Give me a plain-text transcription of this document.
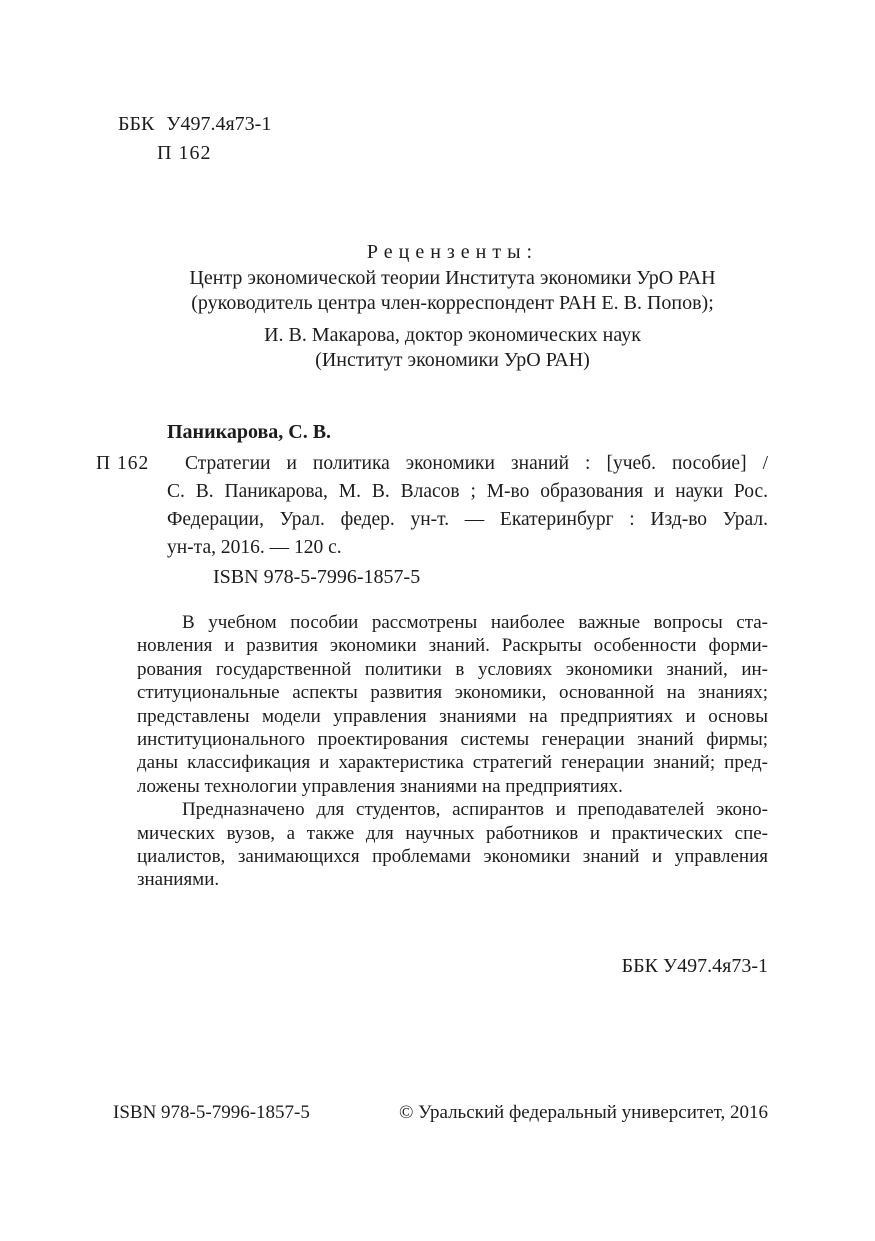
ББК У497.4я73-1
П 162
Рецензенты:
Центр экономической теории Института экономики УрО РАН
(руководитель центра член-корреспондент РАН Е. В. Попов);
И. В. Макарова, доктор экономических наук
(Институт экономики УрО РАН)
Паникарова, С. В.
П 162	Стратегии и политика экономики знаний : [учеб. пособие] /
С. В. Паникарова, М. В. Власов ; М-во образования и науки Рос.
Федерации, Урал. федер. ун-т. — Екатеринбург : Изд-во Урал.
ун-та, 2016. — 120 с.
ISBN 978-5-7996-1857-5
В учебном пособии рассмотрены наиболее важные вопросы ста-
новления и развития экономики знаний. Раскрыты особенности форми-
рования государственной политики в условиях экономики знаний, ин-
ституциональные аспекты развития экономики, основанной на знаниях;
представлены модели управления знаниями на предприятиях и основы
институционального проектирования системы генерации знаний фирмы;
даны классификация и характеристика стратегий генерации знаний; пред-
ложены технологии управления знаниями на предприятиях.
Предназначено для студентов, аспирантов и преподавателей эконо-
мических вузов, а также для научных работников и практических спе-
циалистов, занимающихся проблемами экономики знаний и управления
знаниями.
ББК У497.4я73-1
ISBN 978-5-7996-1857-5	© Уральский федеральный университет, 2016
